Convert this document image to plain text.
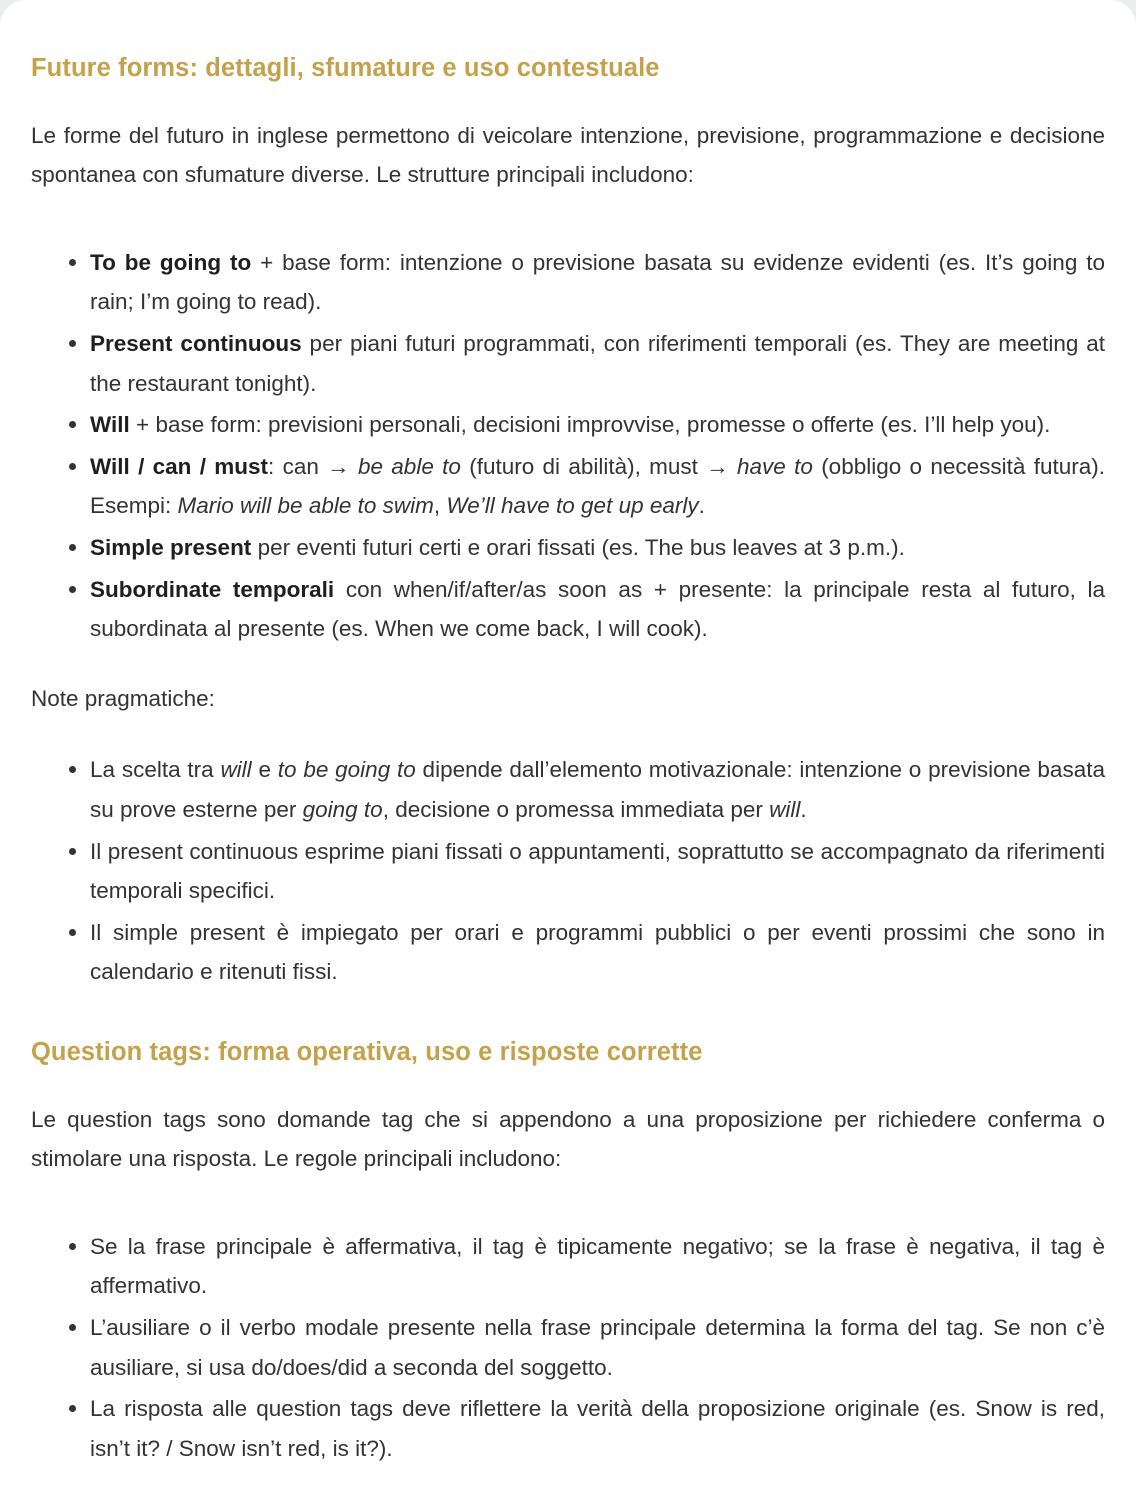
Future forms: dettagli, sfumature e uso contestuale

Le forme del futuro in inglese permettono di veicolare intenzione, previsione, programmazione e decisione spontanea con sfumature diverse. Le strutture principali includono:

To be going to + base form: intenzione o previsione basata su evidenze evidenti (es. It’s going to rain; I’m going to read).
Present continuous per piani futuri programmati, con riferimenti temporali (es. They are meeting at the restaurant tonight).
Will + base form: previsioni personali, decisioni improvvise, promesse o offerte (es. I’ll help you).
Will / can / must: can → be able to (futuro di abilità), must → have to (obbligo o necessità futura). Esempi: Mario will be able to swim, We’ll have to get up early.
Simple present per eventi futuri certi e orari fissati (es. The bus leaves at 3 p.m.).
Subordinate temporali con when/if/after/as soon as + presente: la principale resta al futuro, la subordinata al presente (es. When we come back, I will cook).

Note pragmatiche:

La scelta tra will e to be going to dipende dall’elemento motivazionale: intenzione o previsione basata su prove esterne per going to, decisione o promessa immediata per will.
Il present continuous esprime piani fissati o appuntamenti, soprattutto se accompagnato da riferimenti temporali specifici.
Il simple present è impiegato per orari e programmi pubblici o per eventi prossimi che sono in calendario e ritenuti fissi.
Question tags: forma operativa, uso e risposte corrette

Le question tags sono domande tag che si appendono a una proposizione per richiedere conferma o stimolare una risposta. Le regole principali includono:

Se la frase principale è affermativa, il tag è tipicamente negativo; se la frase è negativa, il tag è affermativo.
L’ausiliare o il verbo modale presente nella frase principale determina la forma del tag. Se non c’è ausiliare, si usa do/does/did a seconda del soggetto.
La risposta alle question tags deve riflettere la verità della proposizione originale (es. Snow is red, isn’t it? / Snow isn’t red, is it?).
